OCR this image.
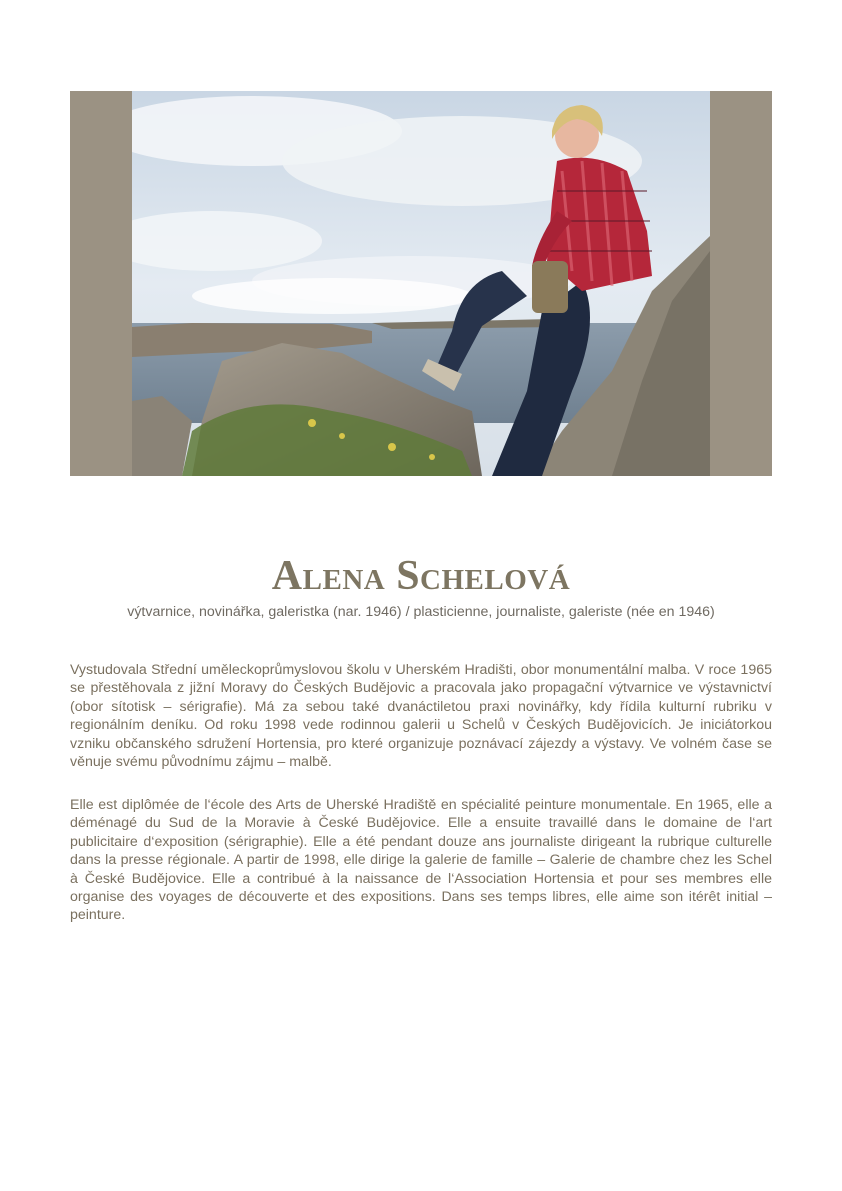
Alena Schelová
výtvarnice, novinářka, galeristka (nar. 1946) / plasticienne, journaliste, galeriste (née en 1946)

Vystudovala Střední uměleckoprůmyslovou školu v Uherském Hradišti, obor monumentální malba. V roce 1965 se přestěhovala z jižní Moravy do Českých Budějovic a pracovala jako propagační výtvarnice ve výstavnictví (obor sítotisk – sérigrafie). Má za sebou také dvanáctiletou praxi novinářky, kdy řídila kulturní rubriku v regionálním deníku. Od roku 1998 vede rodinnou galerii u Schelů v Českých Budějovicích. Je iniciátorkou vzniku občanského sdružení Hortensia, pro které organizuje poznávací zájezdy a výstavy. Ve volném čase se věnuje svému původnímu zájmu – malbě.

Elle est diplômée de l‘école des Arts de Uherské Hradiště en spécialité peinture monumentale. En 1965, elle a déménagé du Sud de la Moravie à České Budějovice. Elle a ensuite travaillé dans le domaine de l‘art publicitaire d‘exposition (sérigraphie). Elle a été pendant douze ans journaliste dirigeant la rubrique culturelle dans la presse régionale. A partir de 1998, elle dirige la galerie de famille – Galerie de chambre chez les Schel à České Budějovice. Elle a contribué à la naissance de l‘Association Hortensia et pour ses membres elle organise des voyages de découverte et des expositions. Dans ses temps libres, elle aime son itérêt initial – peinture.
